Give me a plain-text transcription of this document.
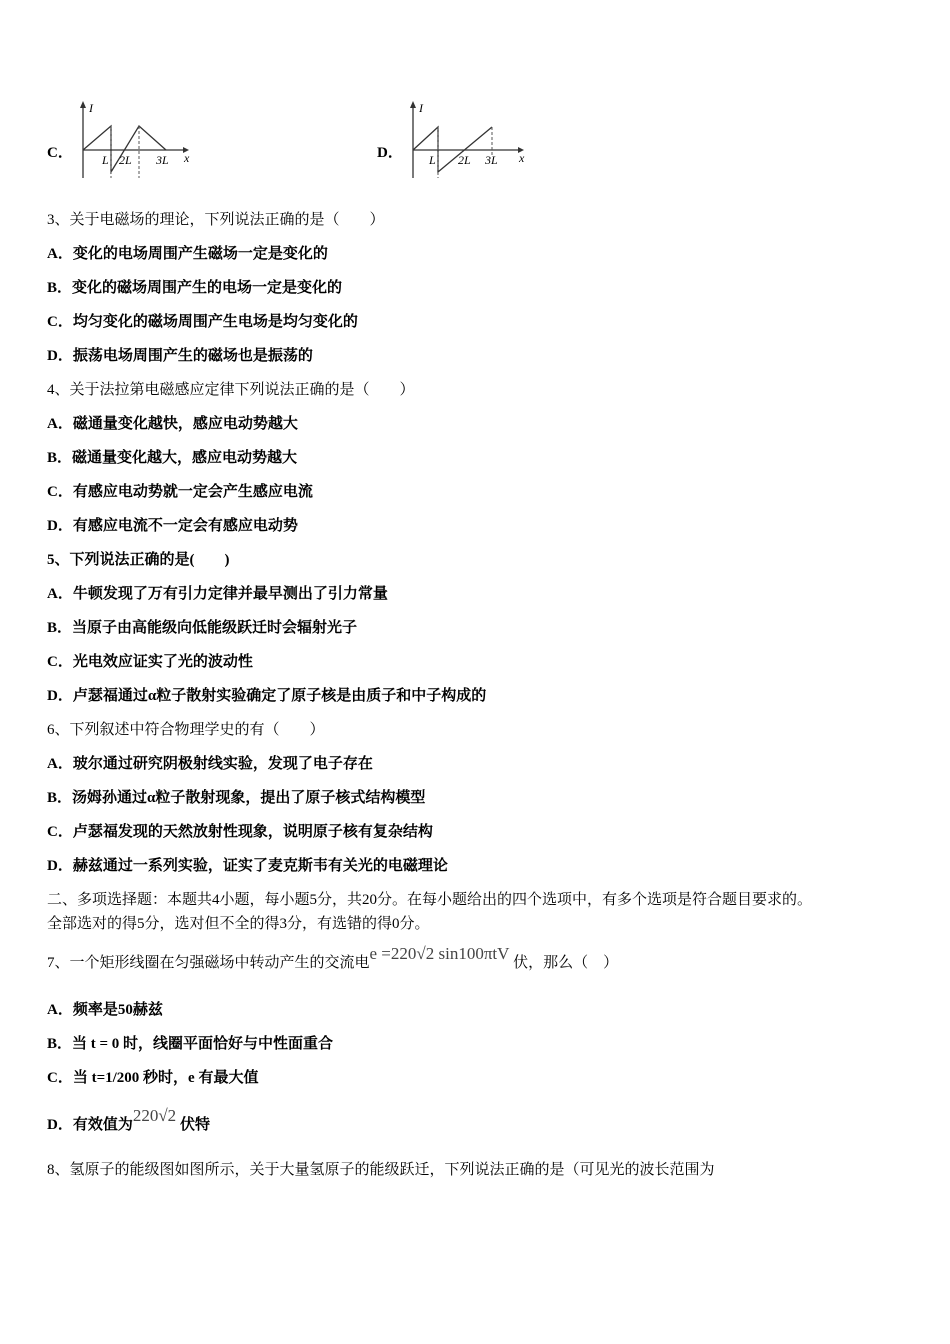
C．
I
x
L 2L 3L	D．
I
x
L 2L 3L
3、关于电磁场的理论，下列说法正确的是（　　）
A．变化的电场周围产生磁场一定是变化的
B．变化的磁场周围产生的电场一定是变化的
C．均匀变化的磁场周围产生电场是均匀变化的
D．振荡电场周围产生的磁场也是振荡的
4、关于法拉第电磁感应定律下列说法正确的是（　　）
A．磁通量变化越快，感应电动势越大
B．磁通量变化越大，感应电动势越大
C．有感应电动势就一定会产生感应电流
D．有感应电流不一定会有感应电动势
5、下列说法正确的是(　　)
A．牛顿发现了万有引力定律并最早测出了引力常量
B．当原子由高能级向低能级跃迁时会辐射光子
C．光电效应证实了光的波动性
D．卢瑟福通过α粒子散射实验确定了原子核是由质子和中子构成的
6、下列叙述中符合物理学史的有（　　）
A．玻尔通过研究阴极射线实验，发现了电子存在
B．汤姆孙通过α粒子散射现象，提出了原子核式结构模型
C．卢瑟福发现的天然放射性现象，说明原子核有复杂结构
D．赫兹通过一系列实验，证实了麦克斯韦有关光的电磁理论
二、多项选择题：本题共4小题，每小题5分，共20分。在每小题给出的四个选项中，有多个选项是符合题目要求的。
全部选对的得5分，选对但不全的得3分，有选错的得0分。
7、一个矩形线圈在匀强磁场中转动产生的交流电e =220√2 sin100πtV 伏，那么（　）
A．频率是50赫兹
B．当 t = 0 时，线圈平面恰好与中性面重合
C．当 t=1/200 秒时，e 有最大值
D．有效值为220√2 伏特
8、氢原子的能级图如图所示，关于大量氢原子的能级跃迁，下列说法正确的是（可见光的波长范围为
